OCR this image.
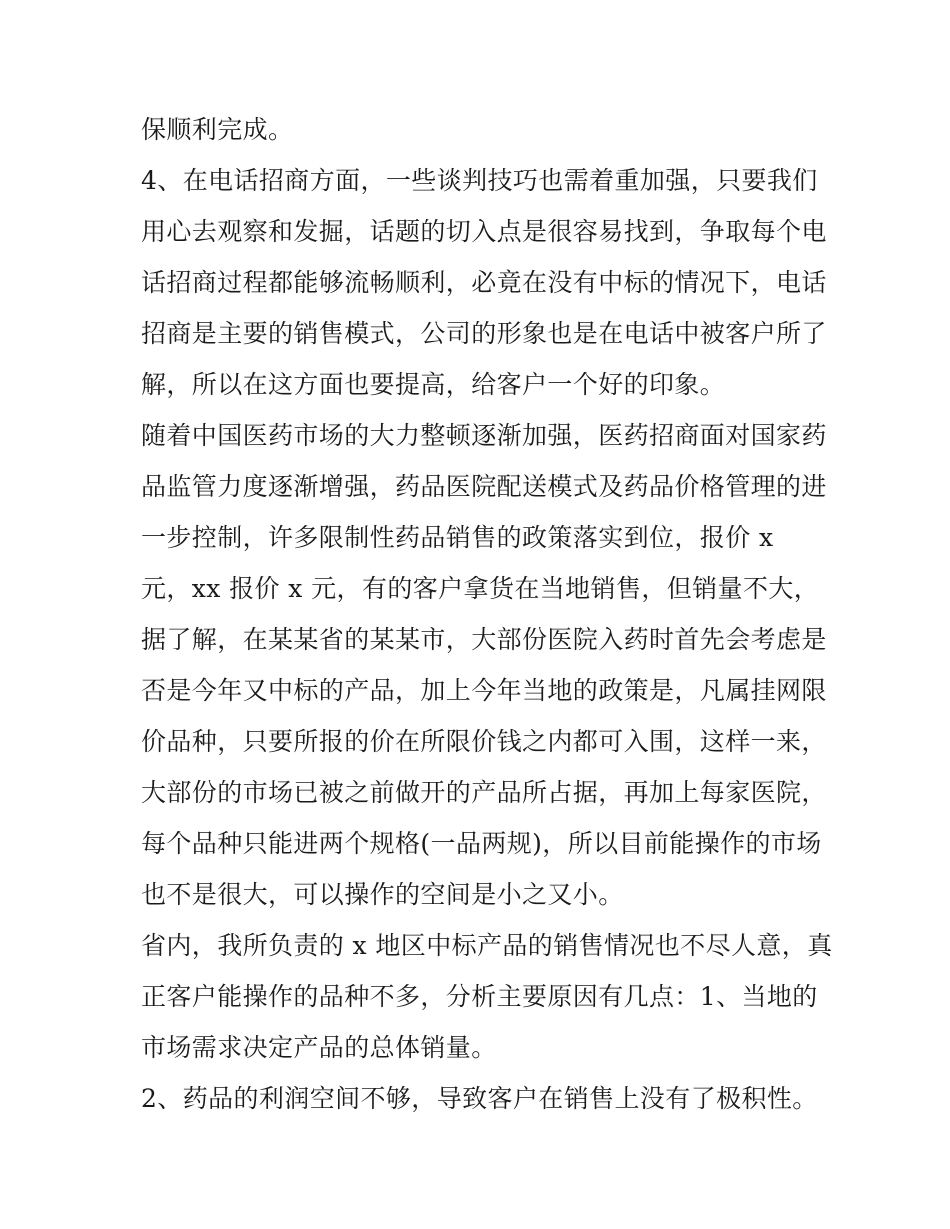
保顺利完成。
4、在电话招商方面，一些谈判技巧也需着重加强，只要我们
用心去观察和发掘，话题的切入点是很容易找到，争取每个电
话招商过程都能够流畅顺利，必竟在没有中标的情况下，电话
招商是主要的销售模式，公司的形象也是在电话中被客户所了
解，所以在这方面也要提高，给客户一个好的印象。
随着中国医药市场的大力整顿逐渐加强，医药招商面对国家药
品监管力度逐渐增强，药品医院配送模式及药品价格管理的进
一步控制，许多限制性药品销售的政策落实到位，报价 x
元，xx 报价 x 元，有的客户拿货在当地销售，但销量不大，
据了解，在某某省的某某市，大部份医院入药时首先会考虑是
否是今年又中标的产品，加上今年当地的政策是，凡属挂网限
价品种，只要所报的价在所限价钱之内都可入围，这样一来，
大部份的市场已被之前做开的产品所占据，再加上每家医院，
每个品种只能进两个规格(一品两规)，所以目前能操作的市场
也不是很大，可以操作的空间是小之又小。
省内，我所负责的 x 地区中标产品的销售情况也不尽人意，真
正客户能操作的品种不多，分析主要原因有几点：1、当地的
市场需求决定产品的总体销量。
2、药品的利润空间不够，导致客户在销售上没有了极积性。
